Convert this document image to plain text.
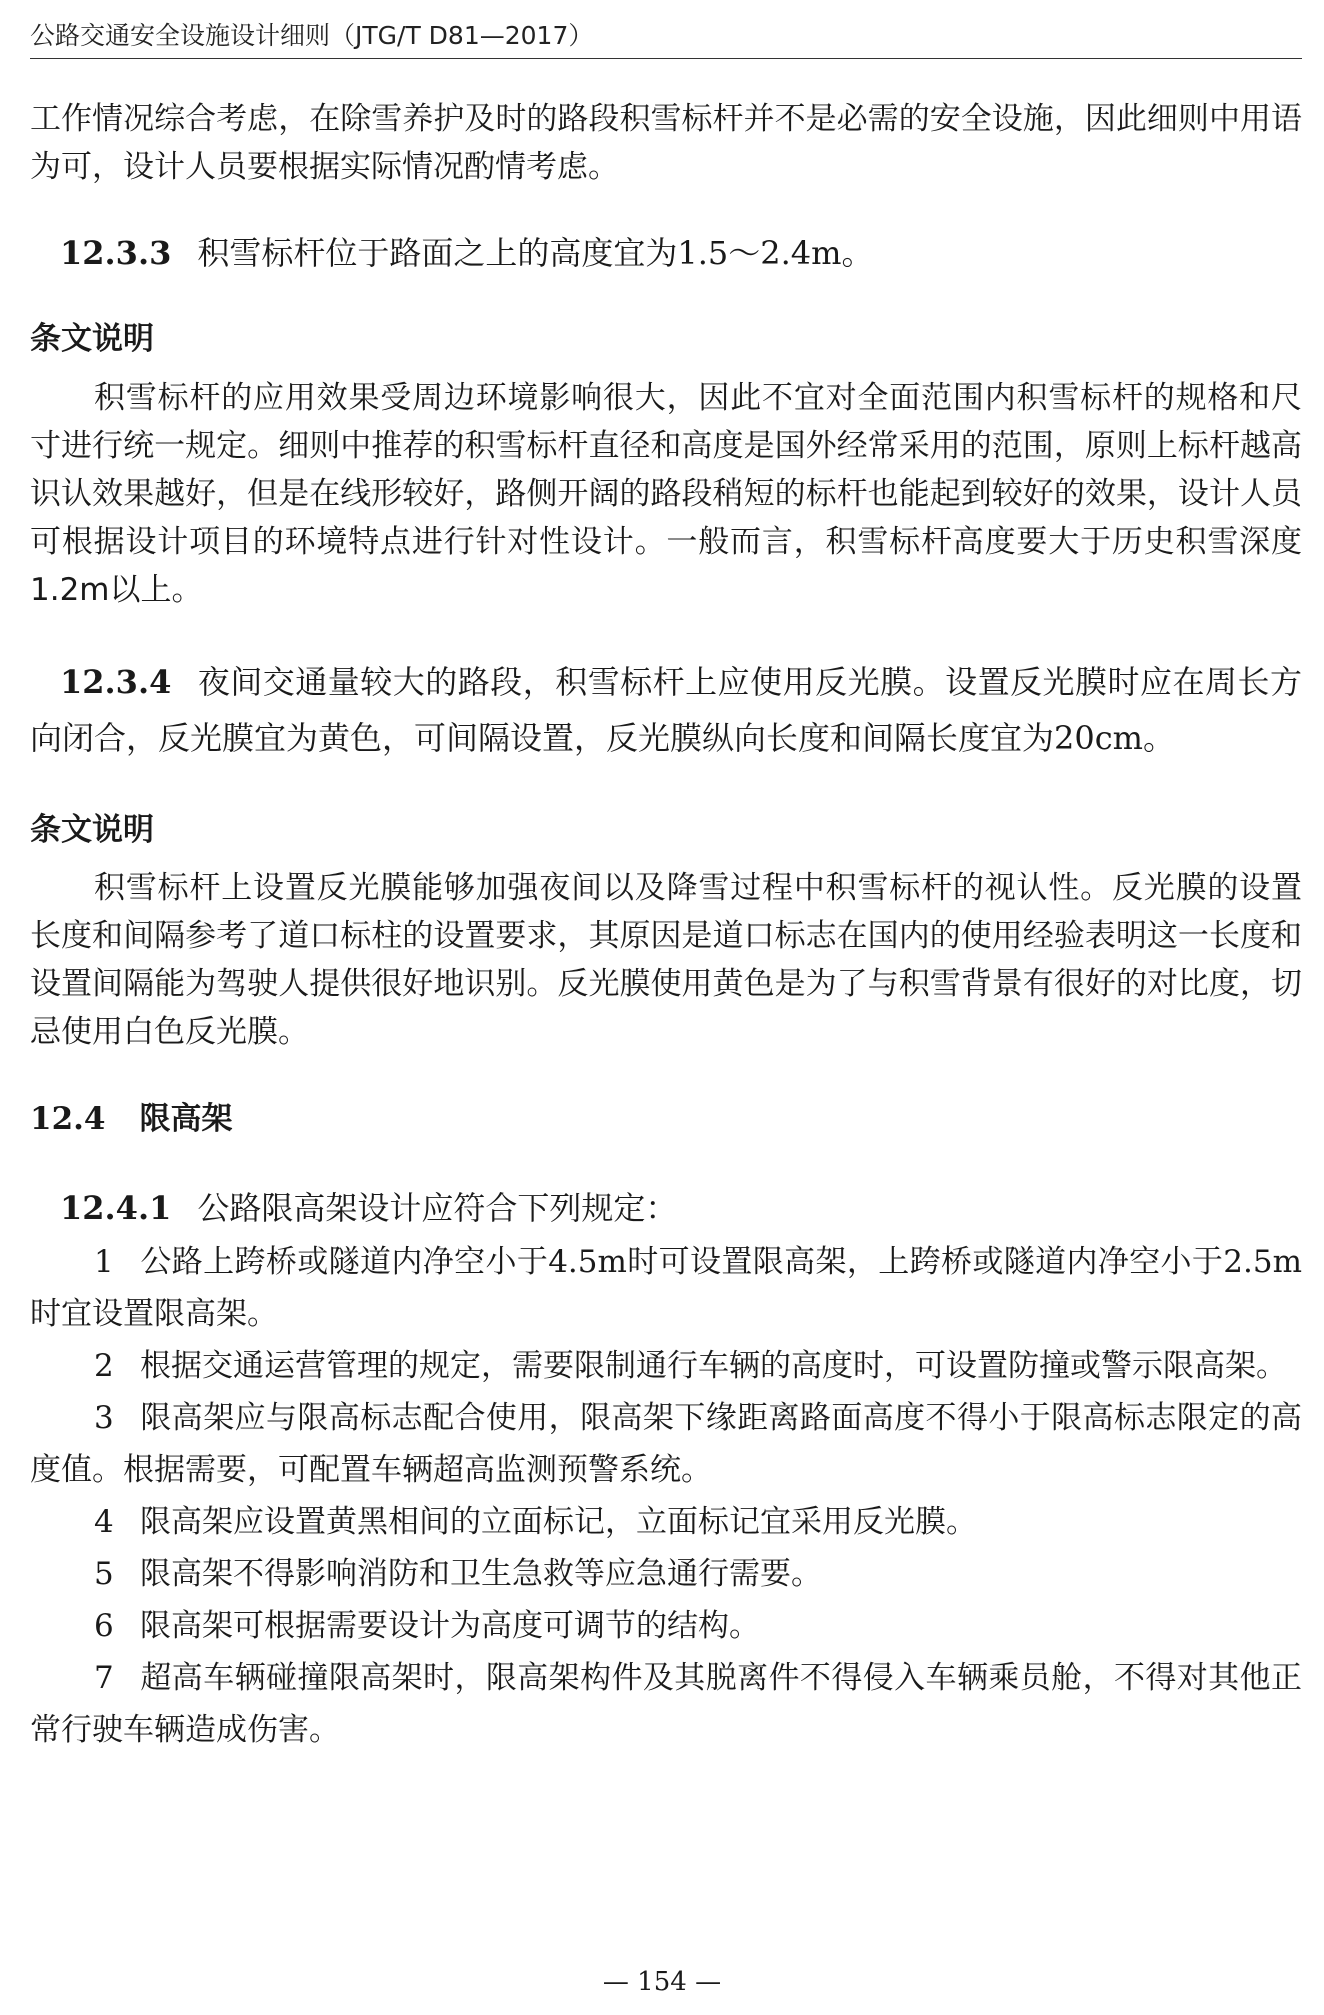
公路交通安全设施设计细则（JTG/T D81—2017）

工作情况综合考虑，在除雪养护及时的路段积雪标杆并不是必需的安全设施，因此细则中用语为可，设计人员要根据实际情况酌情考虑。

12.3.3 积雪标杆位于路面之上的高度宜为1.5～2.4m。

条文说明

积雪标杆的应用效果受周边环境影响很大，因此不宜对全面范围内积雪标杆的规格和尺寸进行统一规定。细则中推荐的积雪标杆直径和高度是国外经常采用的范围，原则上标杆越高识认效果越好，但是在线形较好，路侧开阔的路段稍短的标杆也能起到较好的效果，设计人员可根据设计项目的环境特点进行针对性设计。一般而言，积雪标杆高度要大于历史积雪深度1.2m以上。

12.3.4 夜间交通量较大的路段，积雪标杆上应使用反光膜。设置反光膜时应在周长方向闭合，反光膜宜为黄色，可间隔设置，反光膜纵向长度和间隔长度宜为20cm。

条文说明

积雪标杆上设置反光膜能够加强夜间以及降雪过程中积雪标杆的视认性。反光膜的设置长度和间隔参考了道口标柱的设置要求，其原因是道口标志在国内的使用经验表明这一长度和设置间隔能为驾驶人提供很好地识别。反光膜使用黄色是为了与积雪背景有很好的对比度，切忌使用白色反光膜。

12.4 限高架

12.4.1 公路限高架设计应符合下列规定：

1 公路上跨桥或隧道内净空小于4.5m时可设置限高架，上跨桥或隧道内净空小于2.5m时宜设置限高架。

2 根据交通运营管理的规定，需要限制通行车辆的高度时，可设置防撞或警示限高架。

3 限高架应与限高标志配合使用，限高架下缘距离路面高度不得小于限高标志限定的高度值。根据需要，可配置车辆超高监测预警系统。

4 限高架应设置黄黑相间的立面标记，立面标记宜采用反光膜。

5 限高架不得影响消防和卫生急救等应急通行需要。

6 限高架可根据需要设计为高度可调节的结构。

7 超高车辆碰撞限高架时，限高架构件及其脱离件不得侵入车辆乘员舱，不得对其他正常行驶车辆造成伤害。

— 154 —
